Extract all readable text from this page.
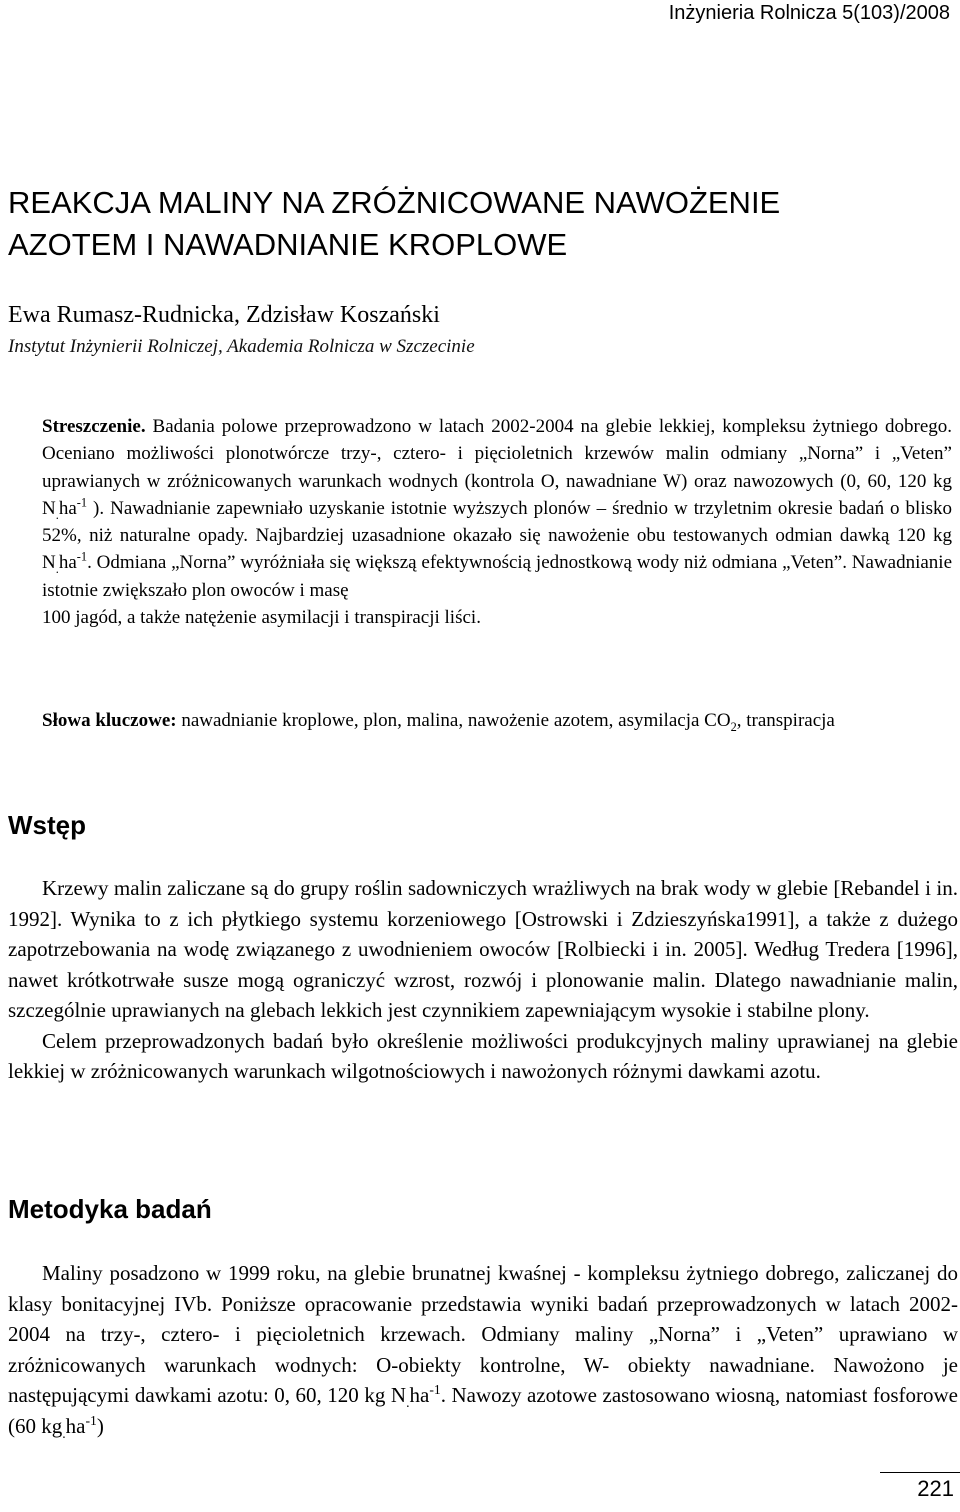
Inżynieria Rolnicza 5(103)/2008
REAKCJA MALINY NA ZRÓŻNICOWANE NAWOŻENIE
AZOTEM I NAWADNIANIE KROPLOWE
Ewa Rumasz-Rudnicka, Zdzisław Koszański
Instytut Inżynierii Rolniczej, Akademia Rolnicza w Szczecinie

Streszczenie. Badania polowe przeprowadzono w latach 2002-2004 na glebie lekkiej, kompleksu żytniego dobrego. Oceniano możliwości plonotwórcze trzy-, cztero- i pięcioletnich krzewów malin odmiany „Norna” i „Veten” uprawianych w zróżnicowanych warunkach wodnych (kontrola O, nawadniane W) oraz nawozowych (0, 60, 120 kg $N_.ha^{-1}$ ). Nawadnianie zapewniało uzyskanie istotnie wyższych plonów – średnio w trzyletnim okresie badań o blisko 52%, niż naturalne opady. Najbardziej uzasadnione okazało się nawożenie obu testowanych odmian dawką 120 kg $N_.ha^{-1}$. Odmiana „Norna” wyróżniała się większą efektywnością jednostkową wody niż odmiana „Veten”. Nawadnianie istotnie zwiększało plon owoców i masę
100 jagód, a także natężenie asymilacji i transpiracji liści.

Słowa kluczowe: nawadnianie kroplowe, plon, malina, nawożenie azotem, asymilacja $CO_2$, transpiracja

Wstęp

Krzewy malin zaliczane są do grupy roślin sadowniczych wrażliwych na brak wody w glebie [Rebandel i in. 1992]. Wynika to z ich płytkiego systemu korzeniowego [Ostrowski i Zdzieszyńska1991], a także z dużego zapotrzebowania na wodę związanego z uwodnieniem owoców [Rolbiecki i in. 2005]. Według Tredera [1996], nawet krótkotrwałe susze mogą ograniczyć wzrost, rozwój i plonowanie malin. Dlatego nawadnianie malin, szczególnie uprawianych na glebach lekkich jest czynnikiem zapewniającym wysokie i stabilne plony.

Celem przeprowadzonych badań było określenie możliwości produkcyjnych maliny uprawianej na glebie lekkiej w zróżnicowanych warunkach wilgotnościowych i nawożonych różnymi dawkami azotu.

Metodyka badań

Maliny posadzono w 1999 roku, na glebie brunatnej kwaśnej - kompleksu żytniego dobrego, zaliczanej do klasy bonitacyjnej IVb. Poniższe opracowanie przedstawia wyniki badań przeprowadzonych w latach 2002-2004 na trzy-, cztero- i pięcioletnich krzewach. Odmiany maliny „Norna” i „Veten” uprawiano w zróżnicowanych warunkach wodnych: O-obiekty kontrolne, W- obiekty nawadniane. Nawożono je następującymi dawkami azotu: 0, 60, 120 kg $N_.ha^{-1}$. Nawozy azotowe zastosowano wiosną, natomiast fosforowe (60 $kg_.ha^{-1}$)

221
